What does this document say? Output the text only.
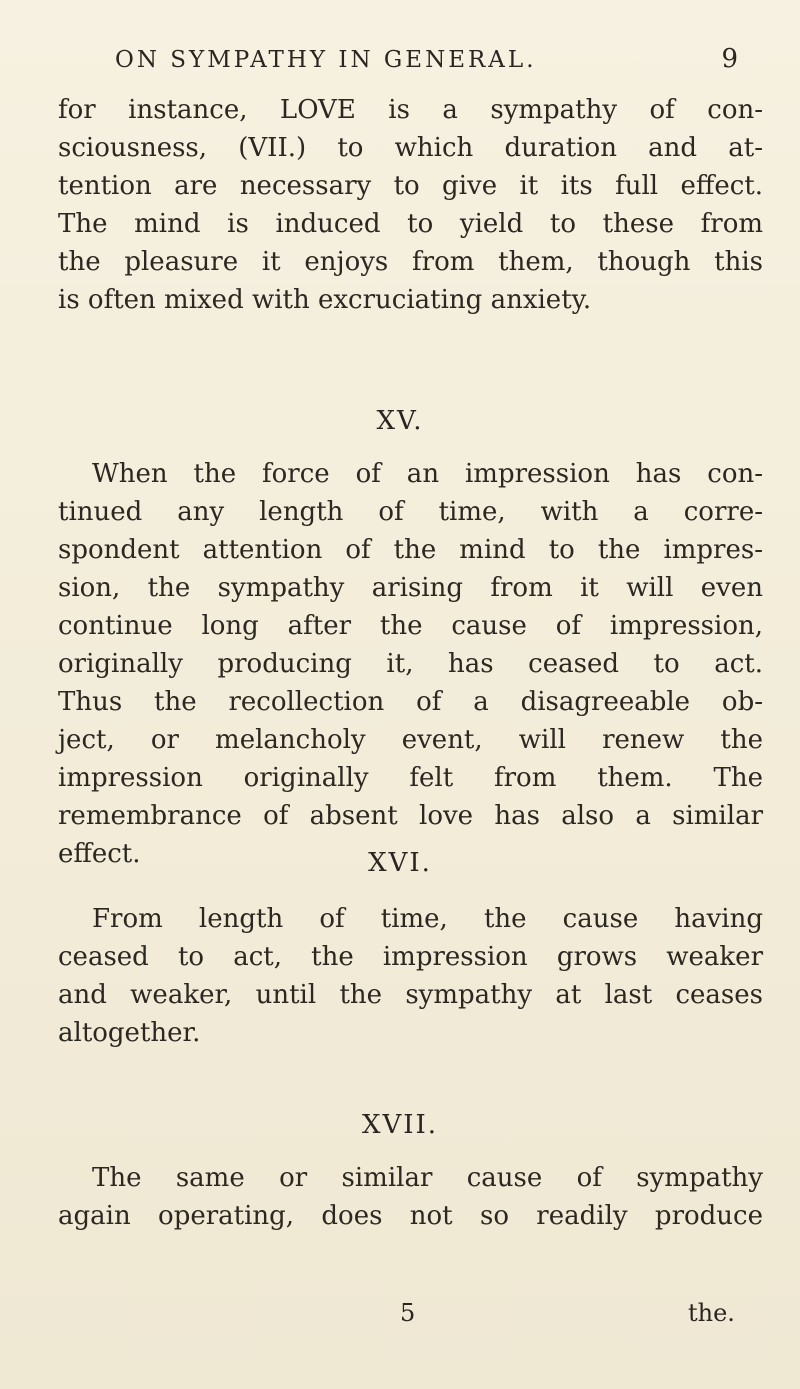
ON SYMPATHY IN GENERAL.	9
for instance, LOVE is a sympathy of con-
sciousness, (VII.) to which duration and at-
tention are necessary to give it its full effect.
The mind is induced to yield to these from
the pleasure it enjoys from them, though this
is often mixed with excruciating anxiety.
XV.
When the force of an impression has con-
tinued any length of time, with a corre-
spondent attention of the mind to the impres-
sion, the sympathy arising from it will even
continue long after the cause of impression,
originally producing it, has ceased to act.
Thus the recollection of a disagreeable ob-
ject, or melancholy event, will renew the
impression originally felt from them. The
remembrance of absent love has also a similar
effect.	XVI.
From length of time, the cause having
ceased to act, the impression grows weaker
and weaker, until the sympathy at last ceases
altogether.
XVII.
The same or similar cause of sympathy
again operating, does not so readily produce
5	the.
